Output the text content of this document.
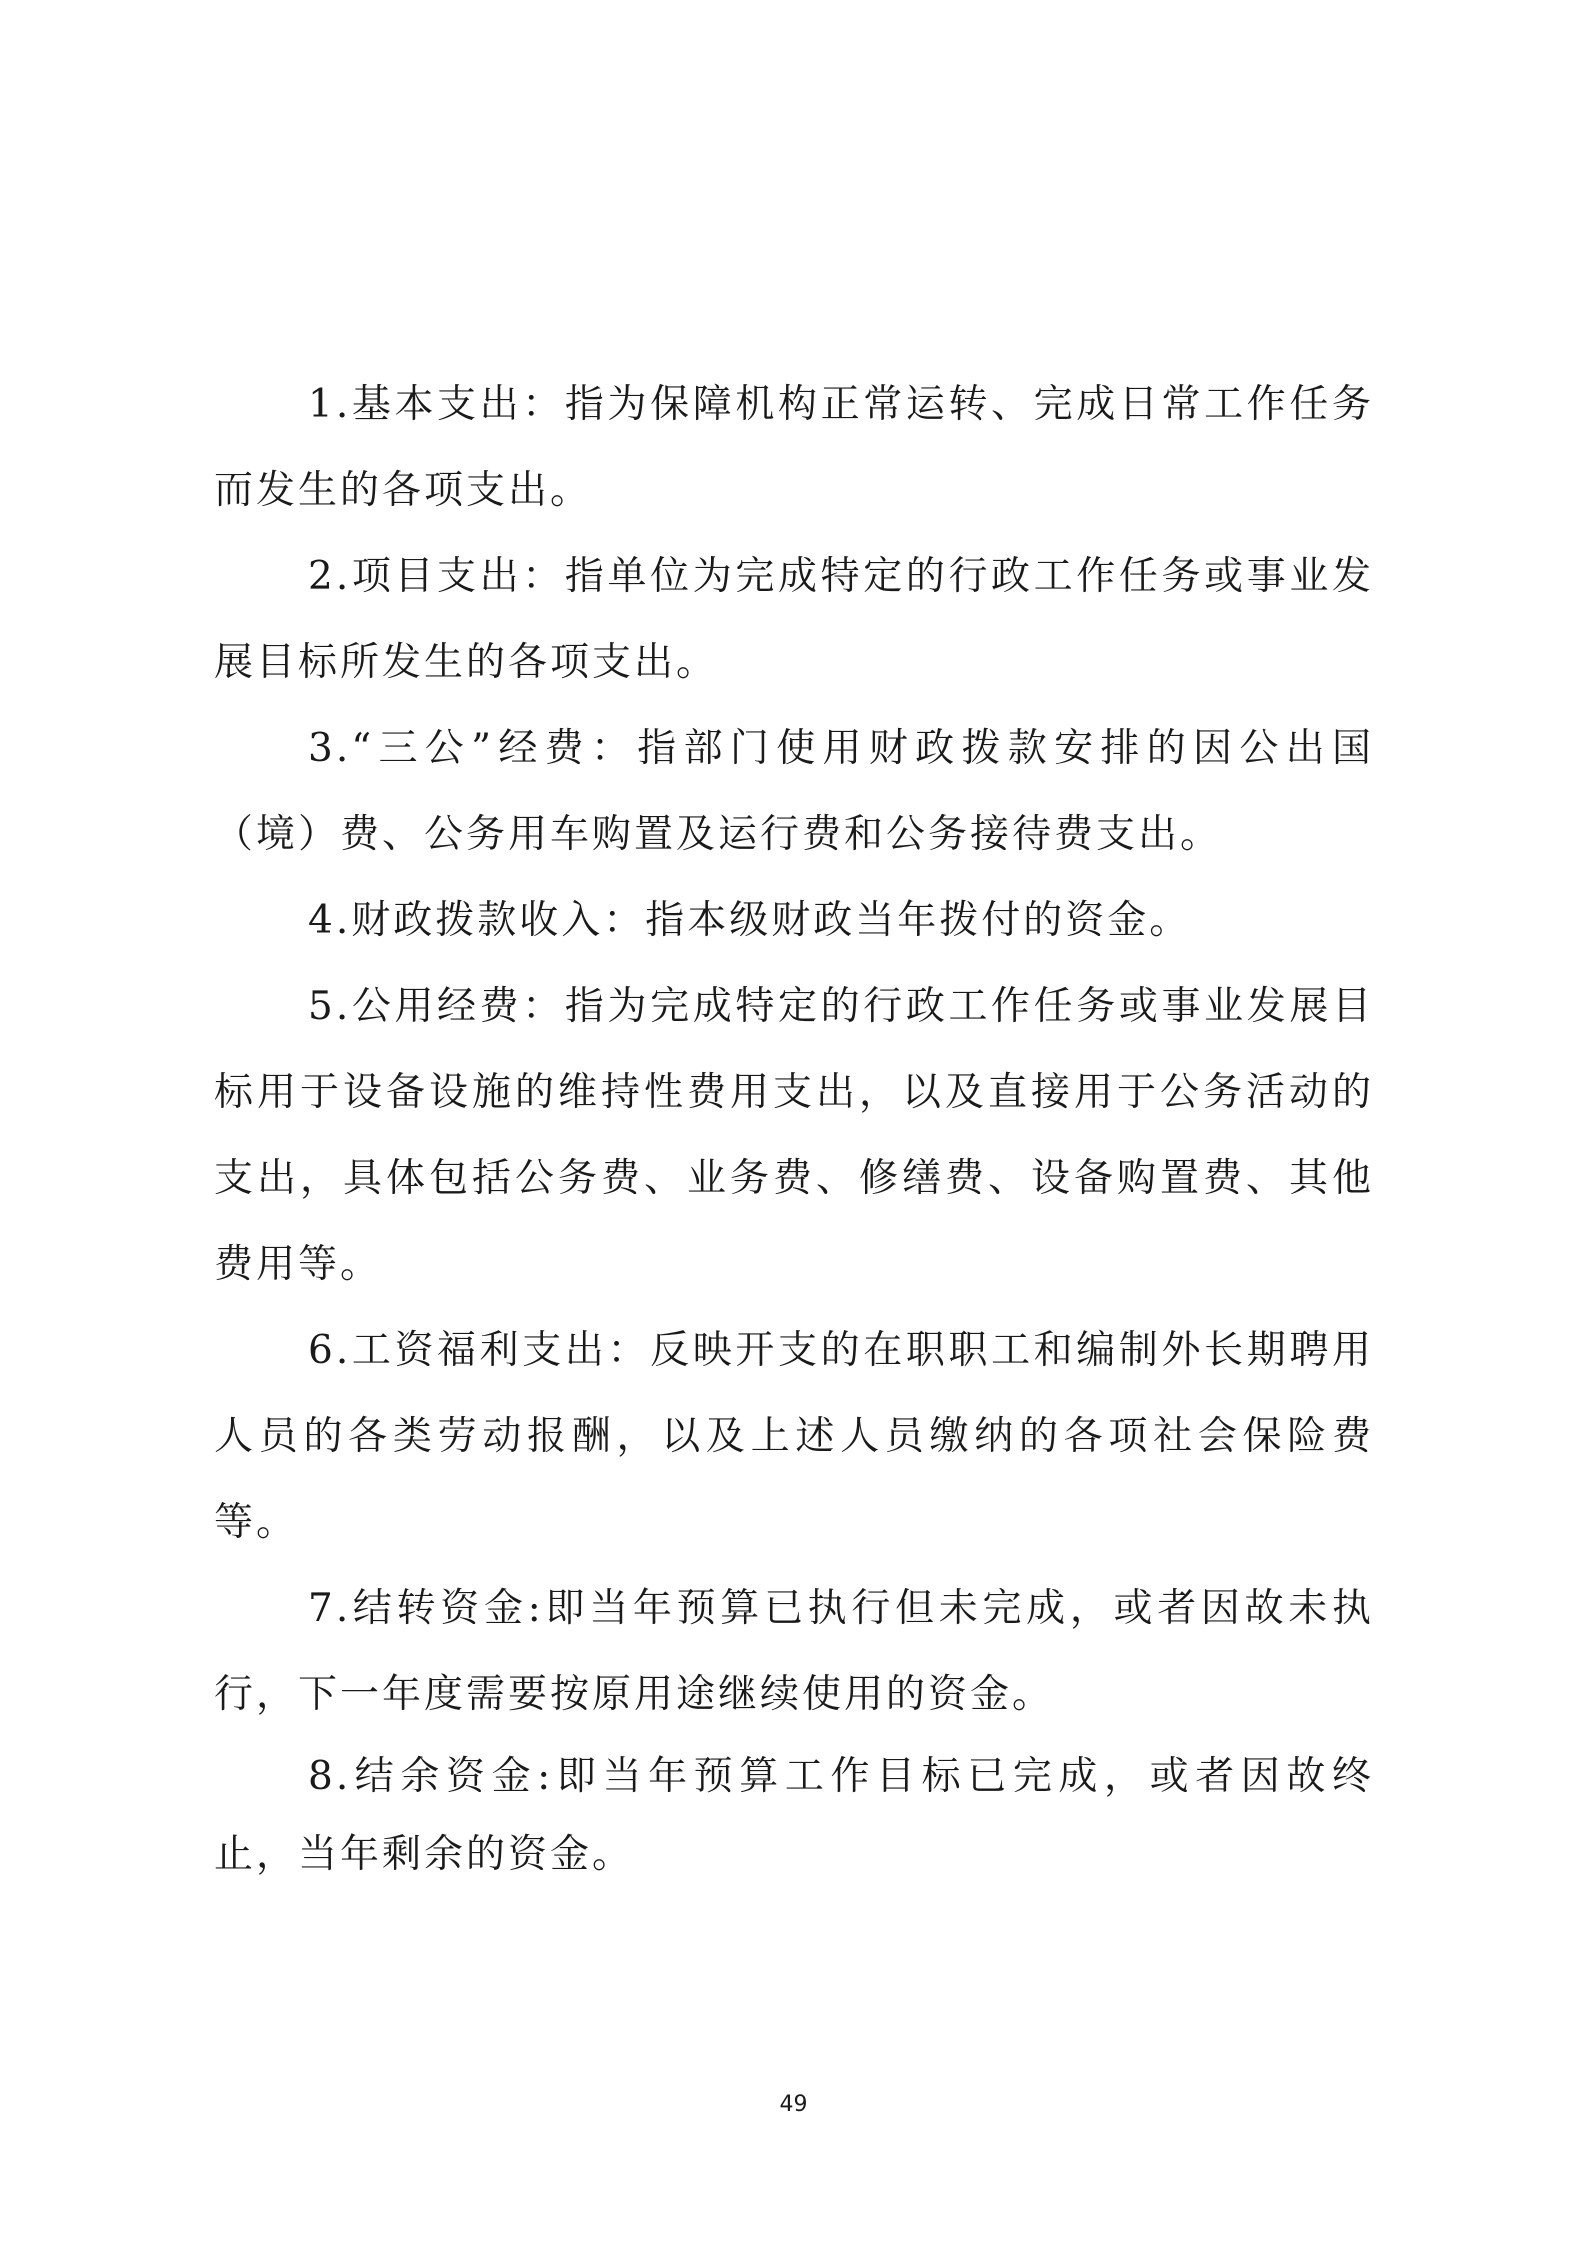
1.基本支出：指为保障机构正常运转、完成日常工作任务而发生的各项支出。

2.项目支出：指单位为完成特定的行政工作任务或事业发展目标所发生的各项支出。

3.“三公”经费：指部门使用财政拨款安排的因公出国（境）费、公务用车购置及运行费和公务接待费支出。

4.财政拨款收入：指本级财政当年拨付的资金。

5.公用经费：指为完成特定的行政工作任务或事业发展目标用于设备设施的维持性费用支出，以及直接用于公务活动的支出，具体包括公务费、业务费、修缮费、设备购置费、其他费用等。

6.工资福利支出：反映开支的在职职工和编制外长期聘用人员的各类劳动报酬，以及上述人员缴纳的各项社会保险费等。

7.结转资金:即当年预算已执行但未完成，或者因故未执行，下一年度需要按原用途继续使用的资金。

8.结余资金:即当年预算工作目标已完成，或者因故终止，当年剩余的资金。

49
